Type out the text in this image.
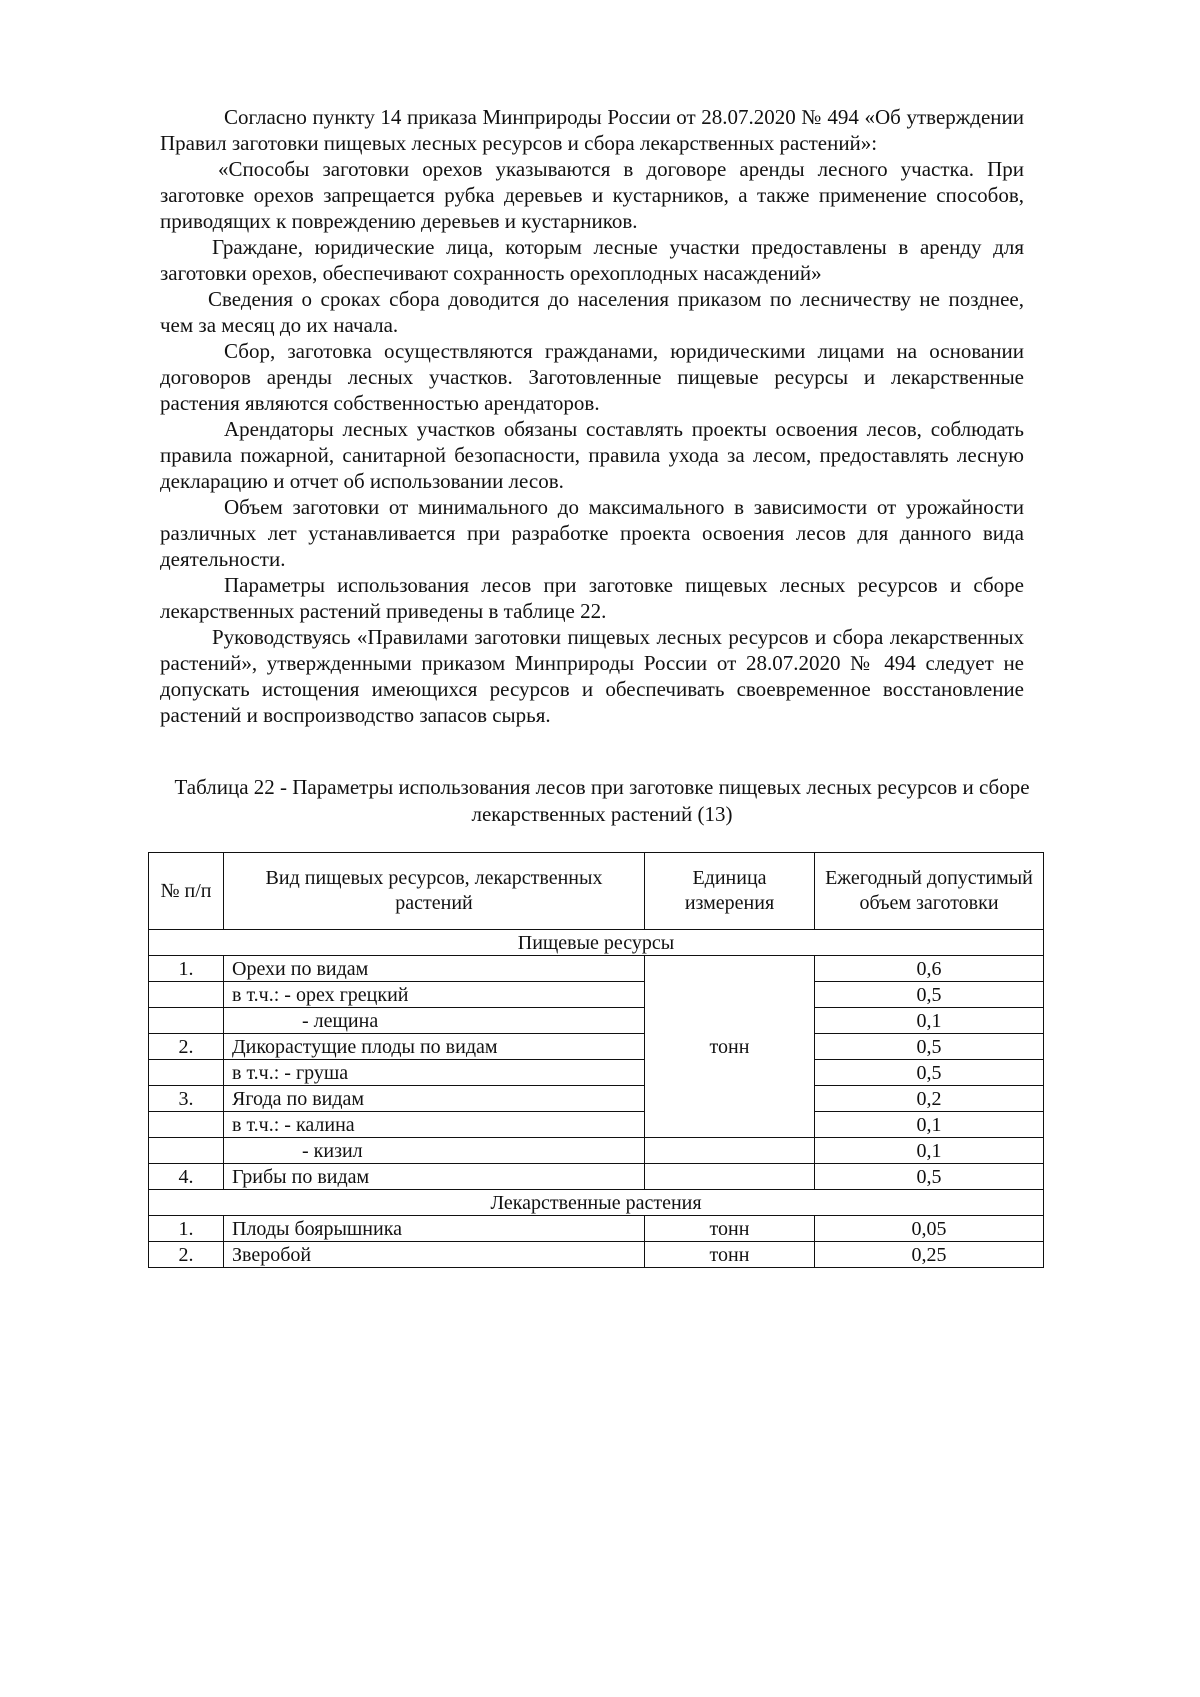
Согласно пункту 14 приказа Минприроды России от 28.07.2020 № 494 «Об утверждении Правил заготовки пищевых лесных ресурсов и сбора лекарственных растений»:

«Способы заготовки орехов указываются в договоре аренды лесного участка. При заготовке орехов запрещается рубка деревьев и кустарников, а также применение способов, приводящих к повреждению деревьев и кустарников.

Граждане, юридические лица, которым лесные участки предоставлены в аренду для заготовки орехов, обеспечивают сохранность орехоплодных насаждений»

Сведения о сроках сбора доводится до населения приказом по лесничеству не позднее, чем за месяц до их начала.

Сбор, заготовка осуществляются гражданами, юридическими лицами на основании договоров аренды лесных участков. Заготовленные пищевые ресурсы и лекарственные растения являются собственностью арендаторов.

Арендаторы лесных участков обязаны составлять проекты освоения лесов, соблюдать правила пожарной, санитарной безопасности, правила ухода за лесом, предоставлять лесную декларацию и отчет об использовании лесов.

Объем заготовки от минимального до максимального в зависимости от урожайности различных лет устанавливается при разработке проекта освоения лесов для данного вида деятельности.

Параметры использования лесов при заготовке пищевых лесных ресурсов и сборе лекарственных растений приведены в таблице 22.

Руководствуясь «Правилами заготовки пищевых лесных ресурсов и сбора лекарственных растений», утвержденными приказом Минприроды России от 28.07.2020 № 494 следует не допускать истощения имеющихся ресурсов и обеспечивать своевременное восстановление растений и воспроизводство запасов сырья.

Таблица 22 - Параметры использования лесов при заготовке пищевых лесных ресурсов и сборе лекарственных растений (13)
№ п/п	Вид пищевых ресурсов, лекарственных растений	Единица измерения	Ежегодный допустимый объем заготовки
Пищевые ресурсы			
1.	Орехи по видам	тонн	0,6
	в т.ч.: - орех грецкий		0,5
	- лещина		0,1
2.	Дикорастущие плоды по видам		0,5
	в т.ч.: - груша		0,5
3.	Ягода по видам		0,2
	в т.ч.: - калина		0,1
	- кизил		0,1
4.	Грибы по видам		0,5
Лекарственные растения			
1.	Плоды боярышника	тонн	0,05
2.	Зверобой	тонн	0,25
